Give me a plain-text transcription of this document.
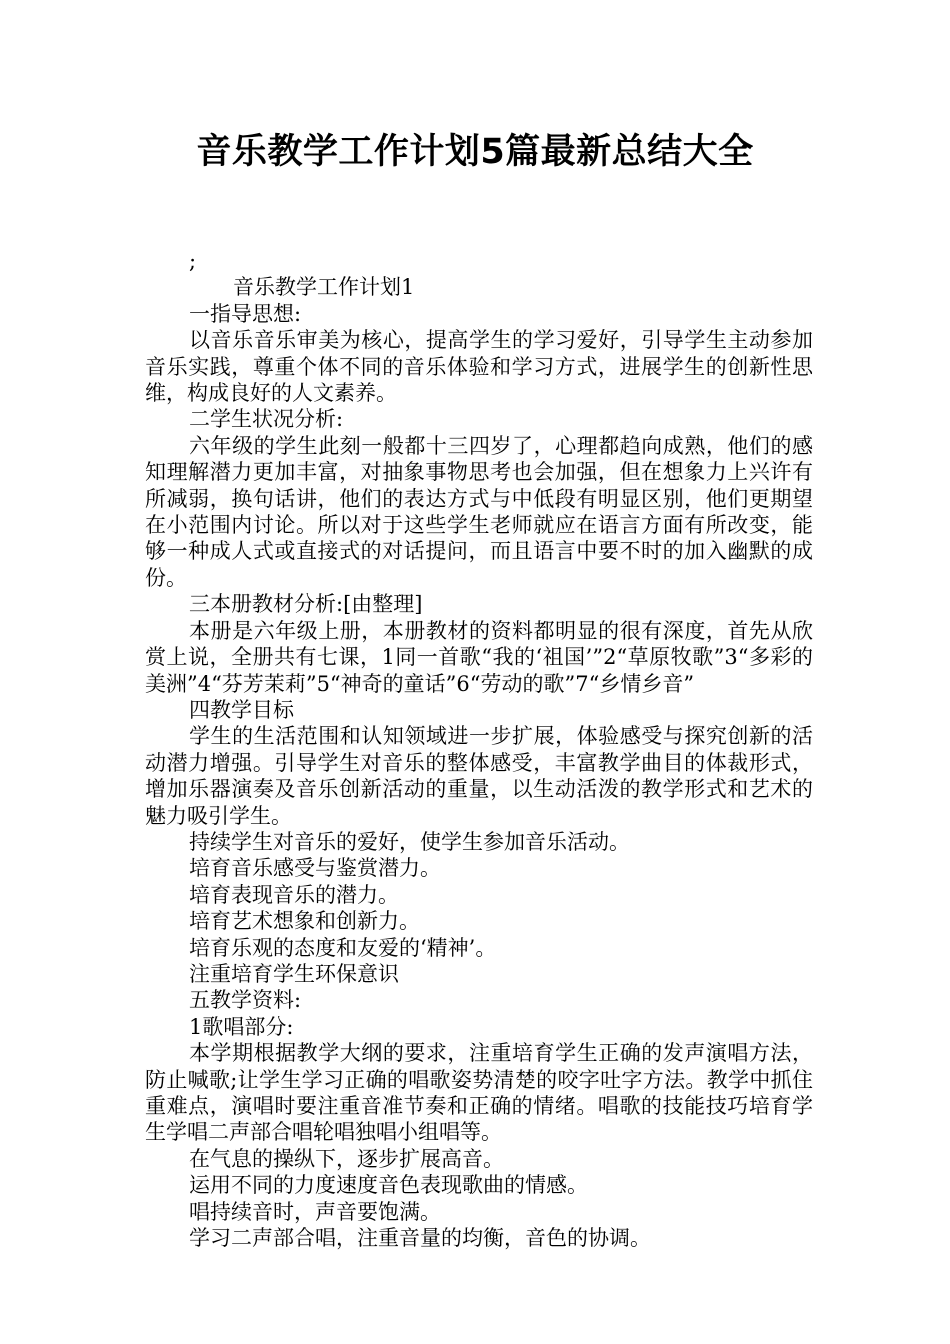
音乐教学工作计划5篇最新总结大全

;

音乐教学工作计划1

一指导思想:

以音乐音乐审美为核心，提高学生的学习爱好，引导学生主动参加音乐实践，尊重个体不同的音乐体验和学习方式，进展学生的创新性思维，构成良好的人文素养。

二学生状况分析:

六年级的学生此刻一般都十三四岁了，心理都趋向成熟，他们的感知理解潜力更加丰富，对抽象事物思考也会加强，但在想象力上兴许有所减弱，换句话讲，他们的表达方式与中低段有明显区别，他们更期望在小范围内讨论。所以对于这些学生老师就应在语言方面有所改变，能够一种成人式或直接式的对话提问，而且语言中要不时的加入幽默的成份。

三本册教材分析:[由整理]

本册是六年级上册，本册教材的资料都明显的很有深度，首先从欣赏上说，全册共有七课，1同一首歌“我的‘祖国’”2“草原牧歌”3“多彩的美洲”4“芬芳茉莉”5“神奇的童话”6“劳动的歌”7“乡情乡音”

四教学目标

学生的生活范围和认知领域进一步扩展，体验感受与探究创新的活动潜力增强。引导学生对音乐的整体感受，丰富教学曲目的体裁形式，增加乐器演奏及音乐创新活动的重量，以生动活泼的教学形式和艺术的魅力吸引学生。

持续学生对音乐的爱好，使学生参加音乐活动。

培育音乐感受与鉴赏潜力。

培育表现音乐的潜力。

培育艺术想象和创新力。

培育乐观的态度和友爱的‘精神’。

注重培育学生环保意识

五教学资料:

1歌唱部分:

本学期根据教学大纲的要求，注重培育学生正确的发声演唱方法，防止喊歌;让学生学习正确的唱歌姿势清楚的咬字吐字方法。教学中抓住重难点，演唱时要注重音准节奏和正确的情绪。唱歌的技能技巧培育学生学唱二声部合唱轮唱独唱小组唱等。

在气息的操纵下，逐步扩展高音。

运用不同的力度速度音色表现歌曲的情感。

唱持续音时，声音要饱满。

学习二声部合唱，注重音量的均衡，音色的协调。
